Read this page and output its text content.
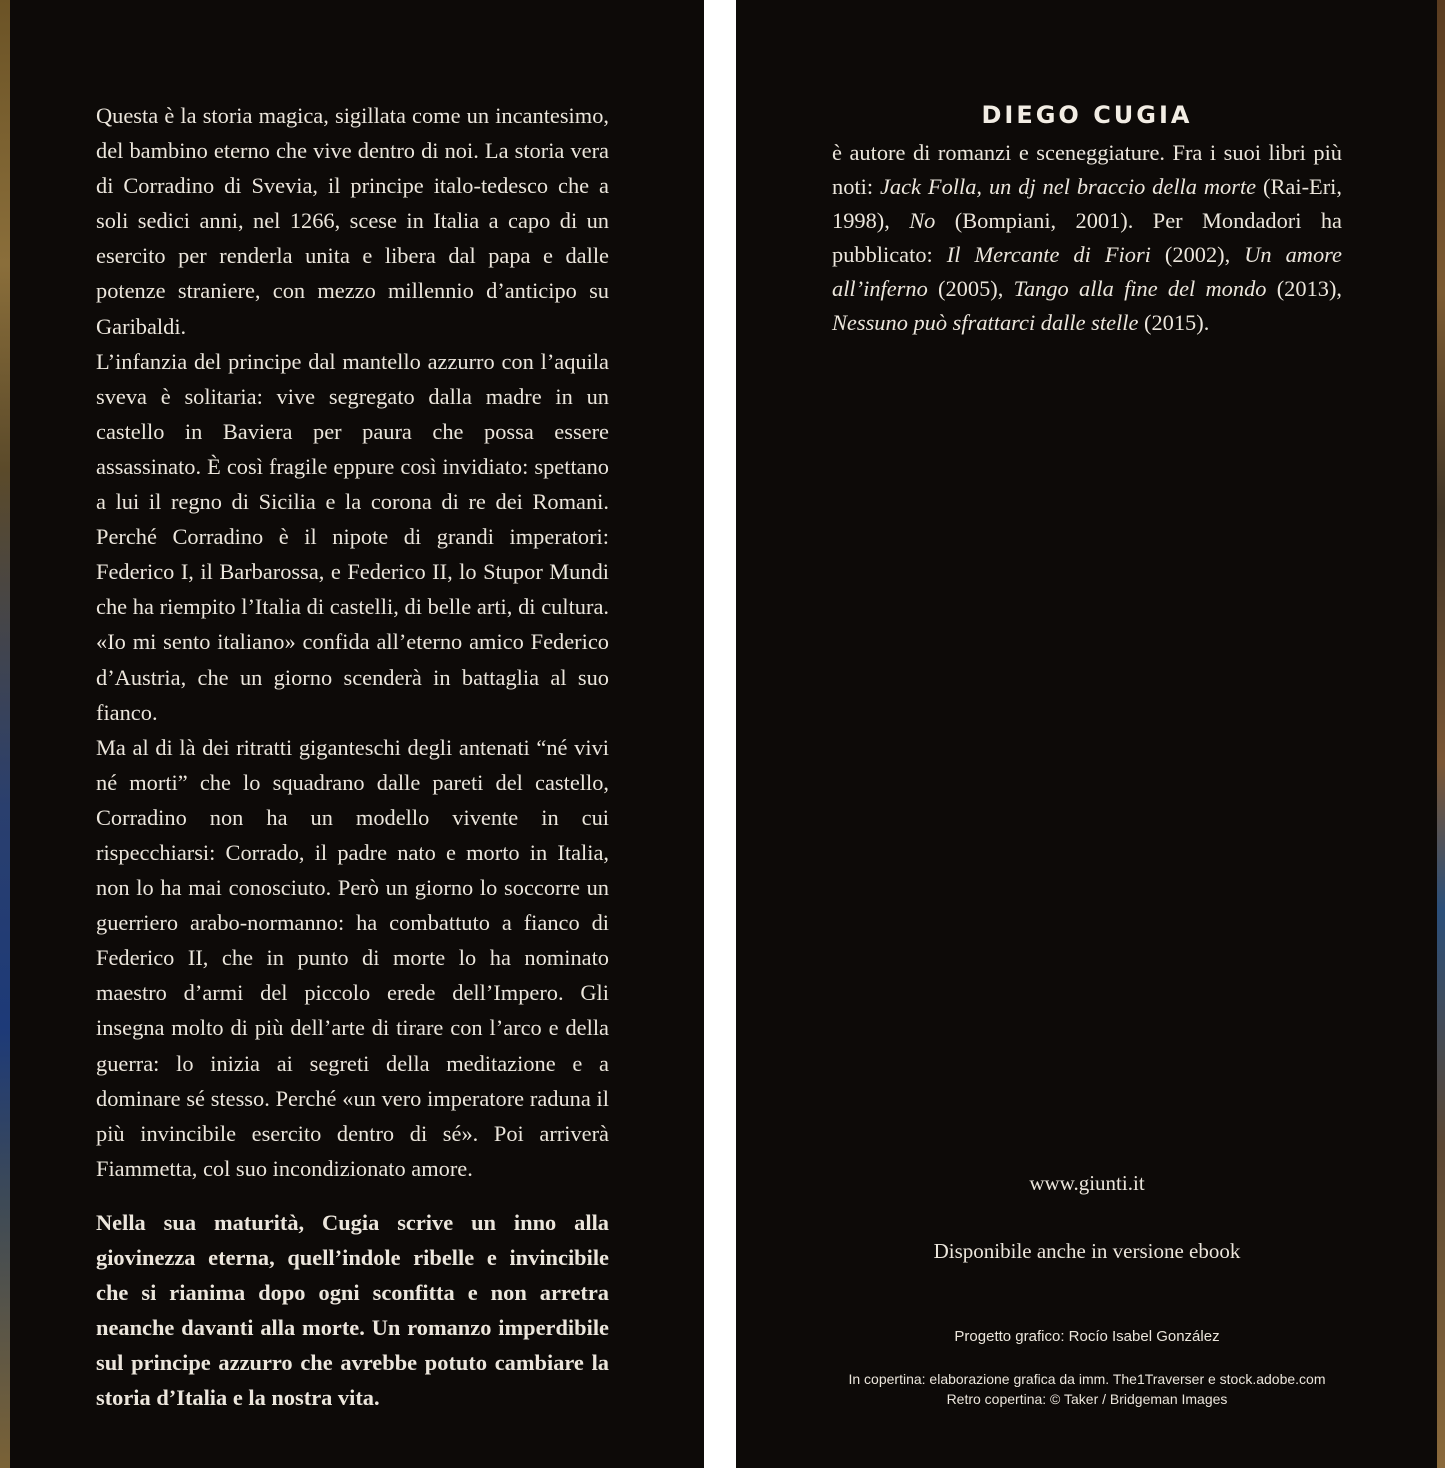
Questa è la storia magica, sigillata come un incantesimo, del bambino eterno che vive dentro di noi. La storia vera di Corradino di Svevia, il principe italo-tedesco che a soli sedici anni, nel 1266, scese in Italia a capo di un esercito per renderla unita e libera dal papa e dalle potenze straniere, con mezzo millennio d’anticipo su Garibaldi.

L’infanzia del principe dal mantello azzurro con l’aquila sveva è solitaria: vive segregato dalla madre in un castello in Baviera per paura che possa essere assassinato. È così fragile eppure così invidiato: spettano a lui il regno di Sicilia e la corona di re dei Romani. Perché Corradino è il nipote di grandi imperatori: Federico I, il Barbarossa, e Federico II, lo Stupor Mundi che ha riempito l’Italia di castelli, di belle arti, di cultura. «Io mi sento italiano» confida all’eterno amico Federico d’Austria, che un giorno scenderà in battaglia al suo fianco.

Ma al di là dei ritratti giganteschi degli antenati “né vivi né morti” che lo squadrano dalle pareti del castello, Corradino non ha un modello vivente in cui rispecchiarsi: Corrado, il padre nato e morto in Italia, non lo ha mai conosciuto. Però un giorno lo soccorre un guerriero arabo-normanno: ha combattuto a fianco di Federico II, che in punto di morte lo ha nominato maestro d’armi del piccolo erede dell’Impero. Gli insegna molto di più dell’arte di tirare con l’arco e della guerra: lo inizia ai segreti della meditazione e a dominare sé stesso. Perché «un vero imperatore raduna il più invincibile esercito dentro di sé». Poi arriverà Fiammetta, col suo incondizionato amore.

Nella sua maturità, Cugia scrive un inno alla giovinezza eterna, quell’indole ribelle e invincibile che si rianima dopo ogni sconfitta e non arretra neanche davanti alla morte. Un romanzo imperdibile sul principe azzurro che avrebbe potuto cambiare la storia d’Italia e la nostra vita.

DIEGO CUGIA
è autore di romanzi e sceneggiature. Fra i suoi libri più noti: Jack Folla, un dj nel braccio della morte (Rai-Eri, 1998), No (Bompiani, 2001). Per Mondadori ha pubblicato: Il Mercante di Fiori (2002), Un amore all’inferno (2005), Tango alla fine del mondo (2013), Nessuno può sfrattarci dalle stelle (2015).
www.giunti.it
Disponibile anche in versione ebook
Progetto grafico: Rocío Isabel González
In copertina: elaborazione grafica da imm. The1Traverser e stock.adobe.com
Retro copertina: © Taker / Bridgeman Images
